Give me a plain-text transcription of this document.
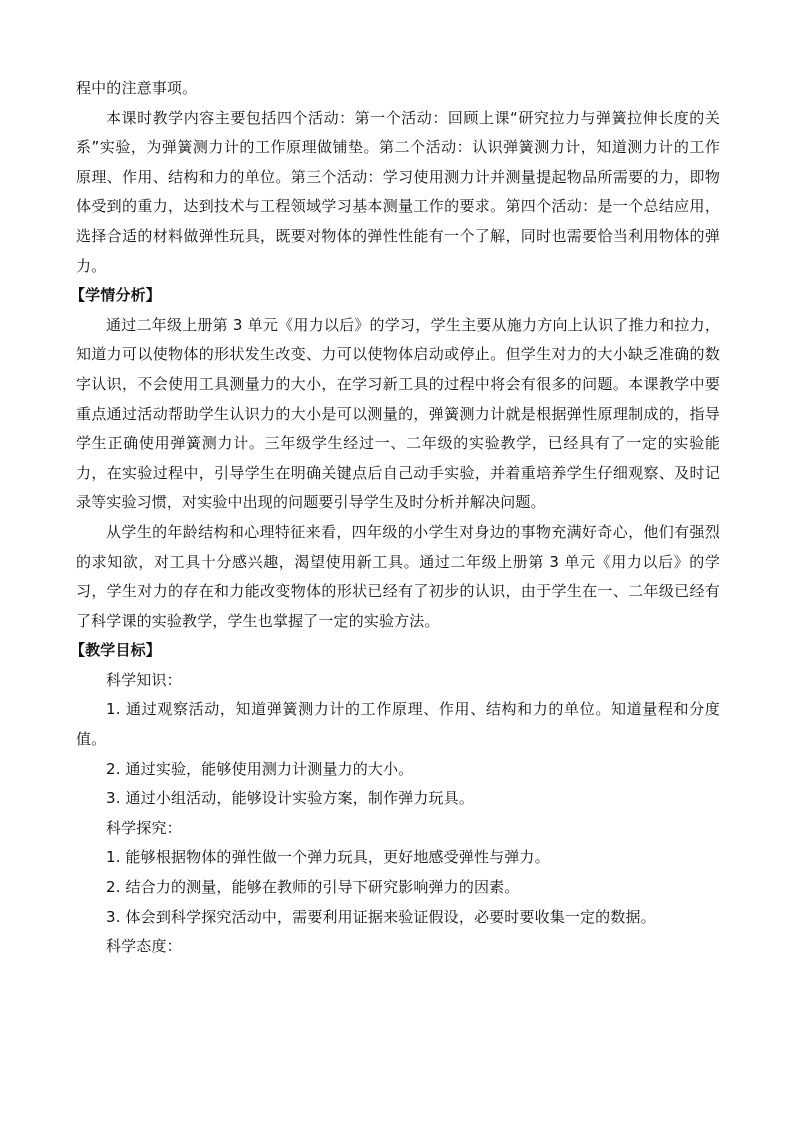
程中的注意事项。

本课时教学内容主要包括四个活动：第一个活动：回顾上课“研究拉力与弹簧拉伸长度的关系”实验，为弹簧测力计的工作原理做铺垫。第二个活动：认识弹簧测力计，知道测力计的工作原理、作用、结构和力的单位。第三个活动：学习使用测力计并测量提起物品所需要的力，即物体受到的重力，达到技术与工程领域学习基本测量工作的要求。第四个活动：是一个总结应用，选择合适的材料做弹性玩具，既要对物体的弹性性能有一个了解，同时也需要恰当利用物体的弹力。

【学情分析】

通过二年级上册第 3 单元《用力以后》的学习，学生主要从施力方向上认识了推力和拉力，知道力可以使物体的形状发生改变、力可以使物体启动或停止。但学生对力的大小缺乏准确的数字认识，不会使用工具测量力的大小，在学习新工具的过程中将会有很多的问题。本课教学中要重点通过活动帮助学生认识力的大小是可以测量的，弹簧测力计就是根据弹性原理制成的，指导学生正确使用弹簧测力计。三年级学生经过一、二年级的实验教学，已经具有了一定的实验能力，在实验过程中，引导学生在明确关键点后自己动手实验，并着重培养学生仔细观察、及时记录等实验习惯，对实验中出现的问题要引导学生及时分析并解决问题。

从学生的年龄结构和心理特征来看，四年级的小学生对身边的事物充满好奇心，他们有强烈的求知欲，对工具十分感兴趣，渴望使用新工具。通过二年级上册第 3 单元《用力以后》的学习，学生对力的存在和力能改变物体的形状已经有了初步的认识，由于学生在一、二年级已经有了科学课的实验教学，学生也掌握了一定的实验方法。

【教学目标】

科学知识：

1. 通过观察活动，知道弹簧测力计的工作原理、作用、结构和力的单位。知道量程和分度值。

2. 通过实验，能够使用测力计测量力的大小。

3. 通过小组活动，能够设计实验方案，制作弹力玩具。

科学探究：

1. 能够根据物体的弹性做一个弹力玩具，更好地感受弹性与弹力。

2. 结合力的测量，能够在教师的引导下研究影响弹力的因素。

3. 体会到科学探究活动中，需要利用证据来验证假设，必要时要收集一定的数据。

科学态度：
